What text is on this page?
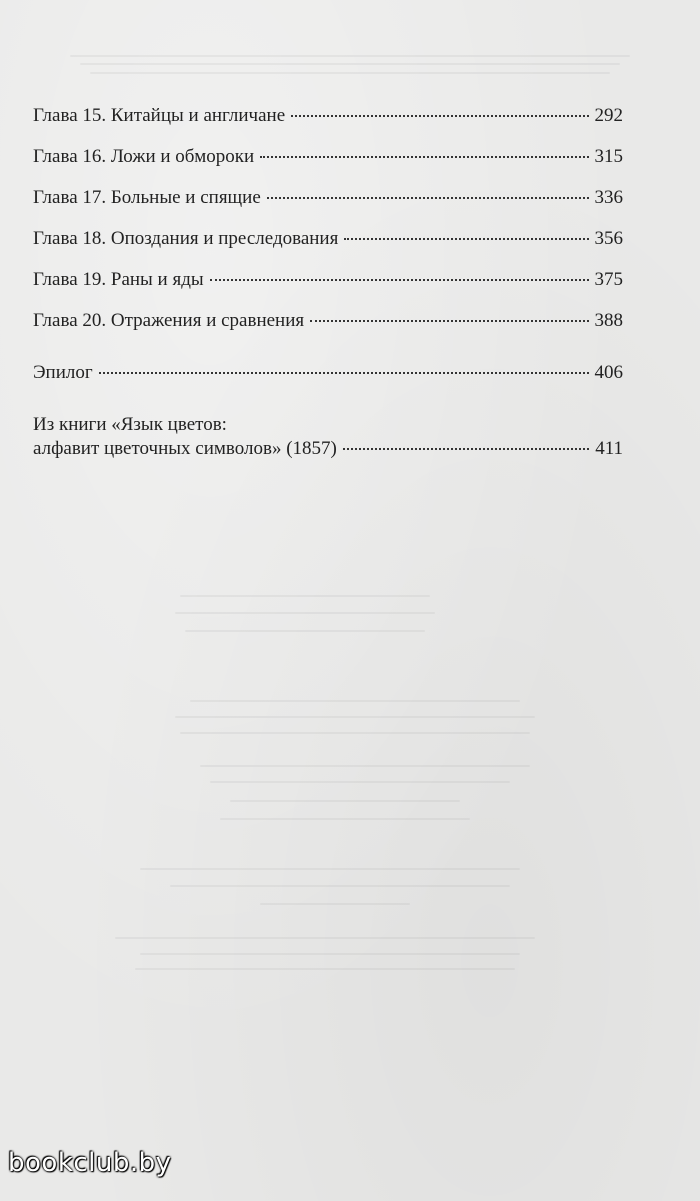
Глава 15. Китайцы и англичане	292
Глава 16. Ложи и обмороки	315
Глава 17. Больные и спящие	336
Глава 18. Опоздания и преследования	356
Глава 19. Раны и яды	375
Глава 20. Отражения и сравнения	388
Эпилог	406
Из книги «Язык цветов:
алфавит цветочных символов» (1857)	411
bookclub.by
